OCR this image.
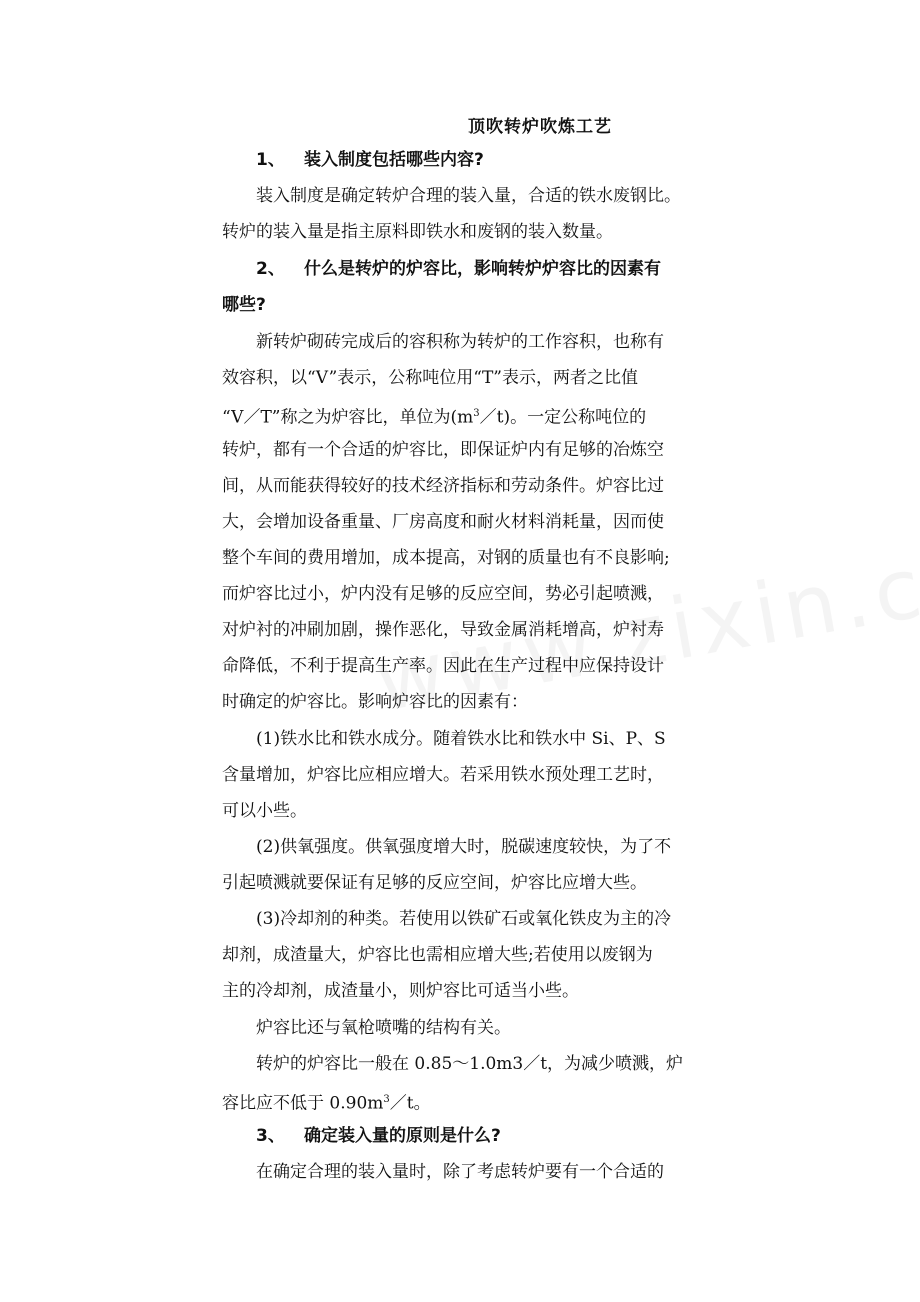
顶吹转炉吹炼工艺
1、 装入制度包括哪些内容?
装入制度是确定转炉合理的装入量，合适的铁水废钢比。
转炉的装入量是指主原料即铁水和废钢的装入数量。
2、 什么是转炉的炉容比，影响转炉炉容比的因素有
哪些?
新转炉砌砖完成后的容积称为转炉的工作容积，也称有
效容积，以“V”表示，公称吨位用“T”表示，两者之比值
“V／T”称之为炉容比，单位为$(m^3/t)$。一定公称吨位的
转炉，都有一个合适的炉容比，即保证炉内有足够的冶炼空
间，从而能获得较好的技术经济指标和劳动条件。炉容比过
大，会增加设备重量、厂房高度和耐火材料消耗量，因而使
整个车间的费用增加，成本提高，对钢的质量也有不良影响;
而炉容比过小，炉内没有足够的反应空间，势必引起喷溅，
对炉衬的冲刷加剧，操作恶化，导致金属消耗增高，炉衬寿
命降低，不利于提高生产率。因此在生产过程中应保持设计
时确定的炉容比。影响炉容比的因素有：
(1)铁水比和铁水成分。随着铁水比和铁水中 Si、P、S
含量增加，炉容比应相应增大。若采用铁水预处理工艺时，
可以小些。
(2)供氧强度。供氧强度增大时，脱碳速度较快，为了不
引起喷溅就要保证有足够的反应空间，炉容比应增大些。
(3)冷却剂的种类。若使用以铁矿石或氧化铁皮为主的冷
却剂，成渣量大，炉容比也需相应增大些;若使用以废钢为
主的冷却剂，成渣量小，则炉容比可适当小些。
炉容比还与氧枪喷嘴的结构有关。
转炉的炉容比一般在 0.85～1.0m3／t，为减少喷溅，炉
容比应不低于 $0.90m^3/t$。
3、 确定装入量的原则是什么?
在确定合理的装入量时，除了考虑转炉要有一个合适的
